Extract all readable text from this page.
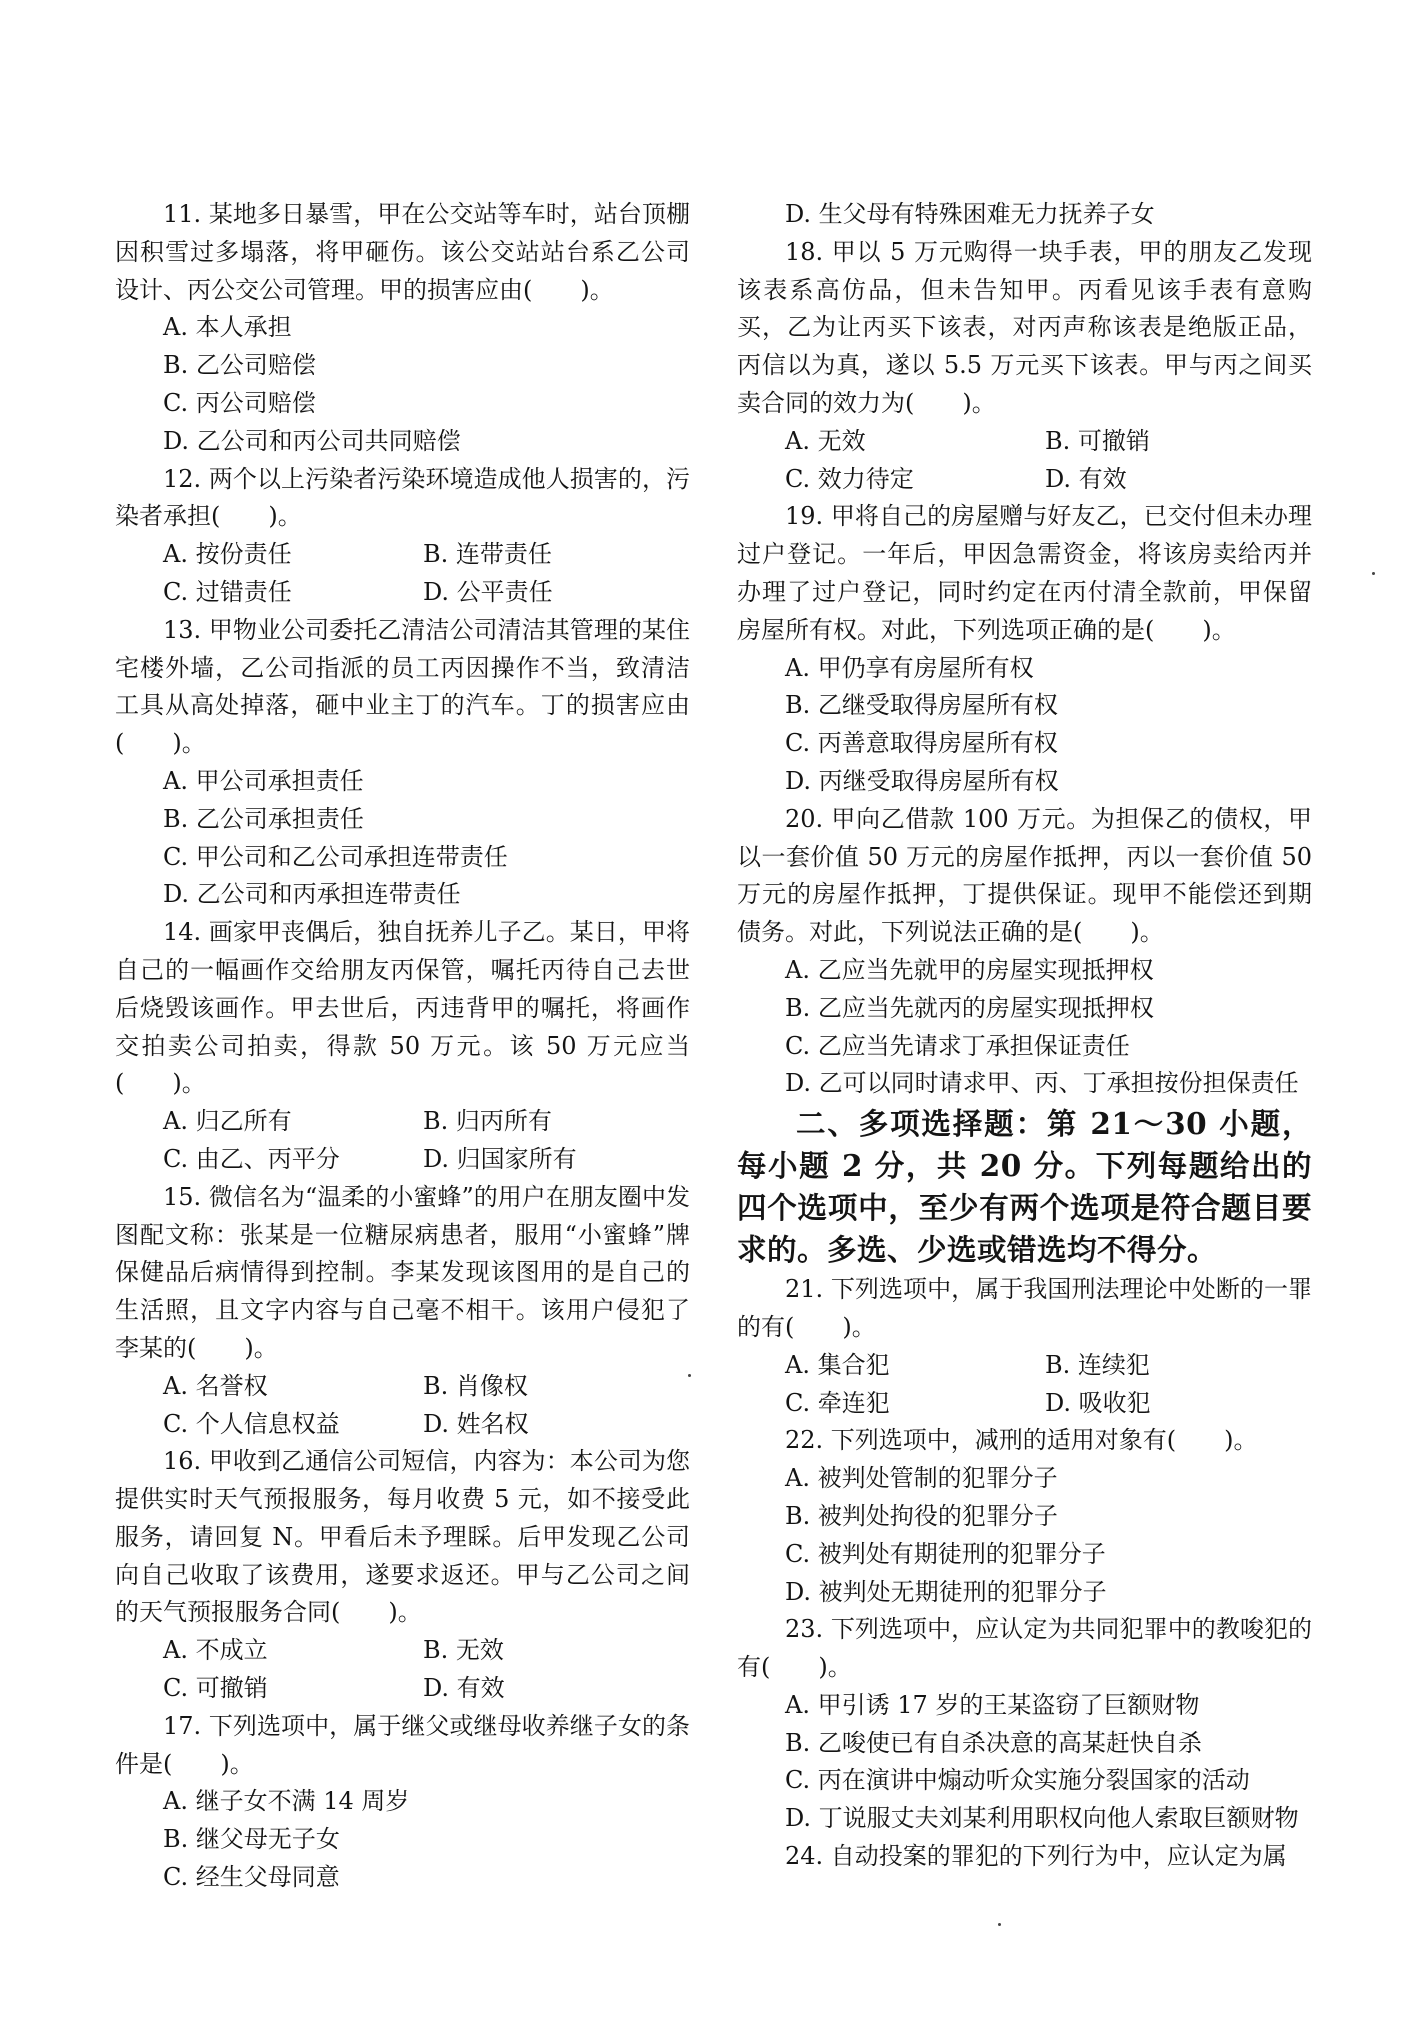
11. 某地多日暴雪，甲在公交站等车时，站台顶棚因积雪过多塌落，将甲砸伤。该公交站站台系乙公司设计、丙公交公司管理。甲的损害应由(　　)。

A. 本人承担

B. 乙公司赔偿

C. 丙公司赔偿

D. 乙公司和丙公司共同赔偿

12. 两个以上污染者污染环境造成他人损害的，污染者承担(　　)。

A. 按份责任	B. 连带责任
C. 过错责任	D. 公平责任

13. 甲物业公司委托乙清洁公司清洁其管理的某住宅楼外墙，乙公司指派的员工丙因操作不当，致清洁工具从高处掉落，砸中业主丁的汽车。丁的损害应由(　　)。

A. 甲公司承担责任

B. 乙公司承担责任

C. 甲公司和乙公司承担连带责任

D. 乙公司和丙承担连带责任

14. 画家甲丧偶后，独自抚养儿子乙。某日，甲将自己的一幅画作交给朋友丙保管，嘱托丙待自己去世后烧毁该画作。甲去世后，丙违背甲的嘱托，将画作交拍卖公司拍卖，得款 50 万元。该 50 万元应当(　　)。

A. 归乙所有	B. 归丙所有
C. 由乙、丙平分	D. 归国家所有

15. 微信名为“温柔的小蜜蜂”的用户在朋友圈中发图配文称：张某是一位糖尿病患者，服用“小蜜蜂”牌保健品后病情得到控制。李某发现该图用的是自己的生活照，且文字内容与自己毫不相干。该用户侵犯了李某的(　　)。

A. 名誉权	B. 肖像权
C. 个人信息权益	D. 姓名权

16. 甲收到乙通信公司短信，内容为：本公司为您提供实时天气预报服务，每月收费 5 元，如不接受此服务，请回复 N。甲看后未予理睬。后甲发现乙公司向自己收取了该费用，遂要求返还。甲与乙公司之间的天气预报服务合同(　　)。

A. 不成立	B. 无效
C. 可撤销	D. 有效

17. 下列选项中，属于继父或继母收养继子女的条件是(　　)。

A. 继子女不满 14 周岁

B. 继父母无子女

C. 经生父母同意

D. 生父母有特殊困难无力抚养子女

18. 甲以 5 万元购得一块手表，甲的朋友乙发现该表系高仿品，但未告知甲。丙看见该手表有意购买，乙为让丙买下该表，对丙声称该表是绝版正品，丙信以为真，遂以 5.5 万元买下该表。甲与丙之间买卖合同的效力为(　　)。

A. 无效	B. 可撤销
C. 效力待定	D. 有效

19. 甲将自己的房屋赠与好友乙，已交付但未办理过户登记。一年后，甲因急需资金，将该房卖给丙并办理了过户登记，同时约定在丙付清全款前，甲保留房屋所有权。对此，下列选项正确的是(　　)。

A. 甲仍享有房屋所有权

B. 乙继受取得房屋所有权

C. 丙善意取得房屋所有权

D. 丙继受取得房屋所有权

20. 甲向乙借款 100 万元。为担保乙的债权，甲以一套价值 50 万元的房屋作抵押，丙以一套价值 50 万元的房屋作抵押，丁提供保证。现甲不能偿还到期债务。对此，下列说法正确的是(　　)。

A. 乙应当先就甲的房屋实现抵押权

B. 乙应当先就丙的房屋实现抵押权

C. 乙应当先请求丁承担保证责任

D. 乙可以同时请求甲、丙、丁承担按份担保责任

二、多项选择题：第 21～30 小题，每小题 2 分，共 20 分。下列每题给出的四个选项中，至少有两个选项是符合题目要求的。多选、少选或错选均不得分。

21. 下列选项中，属于我国刑法理论中处断的一罪的有(　　)。

A. 集合犯	B. 连续犯
C. 牵连犯	D. 吸收犯

22. 下列选项中，减刑的适用对象有(　　)。

A. 被判处管制的犯罪分子

B. 被判处拘役的犯罪分子

C. 被判处有期徒刑的犯罪分子

D. 被判处无期徒刑的犯罪分子

23. 下列选项中，应认定为共同犯罪中的教唆犯的有(　　)。

A. 甲引诱 17 岁的王某盗窃了巨额财物

B. 乙唆使已有自杀决意的高某赶快自杀

C. 丙在演讲中煽动听众实施分裂国家的活动

D. 丁说服丈夫刘某利用职权向他人索取巨额财物

24. 自动投案的罪犯的下列行为中，应认定为属
